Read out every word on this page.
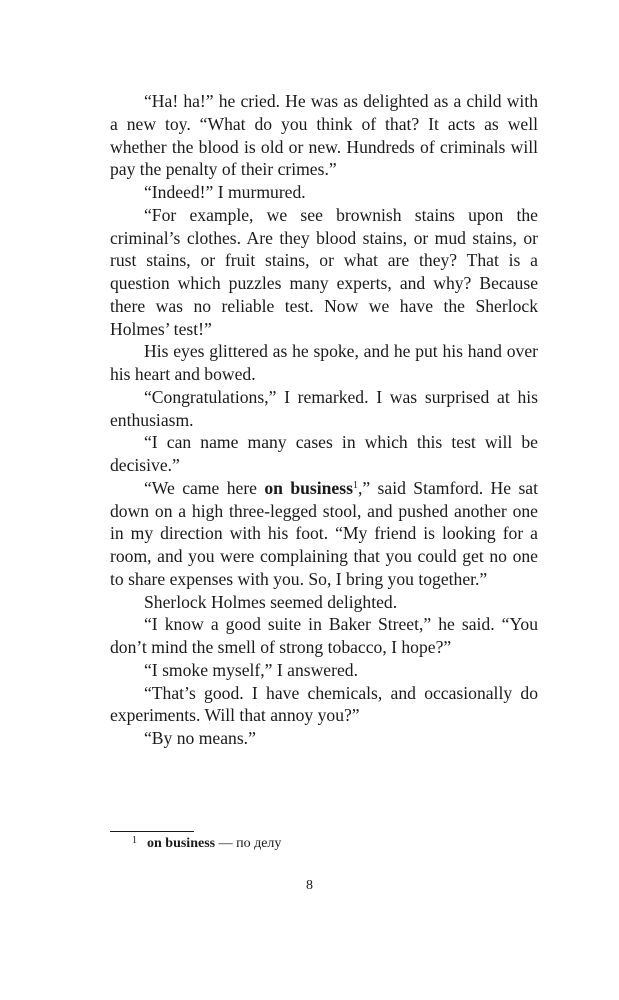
“Ha! ha!” he cried. He was as delighted as a child with a new toy. “What do you think of that? It acts as well whether the blood is old or new. Hundreds of criminals will pay the penalty of their crimes.”

“Indeed!” I murmured.

“For example, we see brownish stains upon the criminal’s clothes. Are they blood stains, or mud stains, or rust stains, or fruit stains, or what are they? That is a question which puzzles many experts, and why? Because there was no reliable test. Now we have the Sherlock Holmes’ test!”

His eyes glittered as he spoke, and he put his hand over his heart and bowed.

“Congratulations,” I remarked. I was surprised at his enthusiasm.

“I can name many cases in which this test will be decisive.”

“We came here on business$^1$,” said Stamford. He sat down on a high three-legged stool, and pushed another one in my direction with his foot. “My friend is looking for a room, and you were complaining that you could get no one to share expenses with you. So, I bring you together.”

Sherlock Holmes seemed delighted.

“I know a good suite in Baker Street,” he said. “You don’t mind the smell of strong tobacco, I hope?”

“I smoke myself,” I answered.

“That’s good. I have chemicals, and occasionally do experiments. Will that annoy you?”

“By no means.”

$^1$ on business — по делу
8
